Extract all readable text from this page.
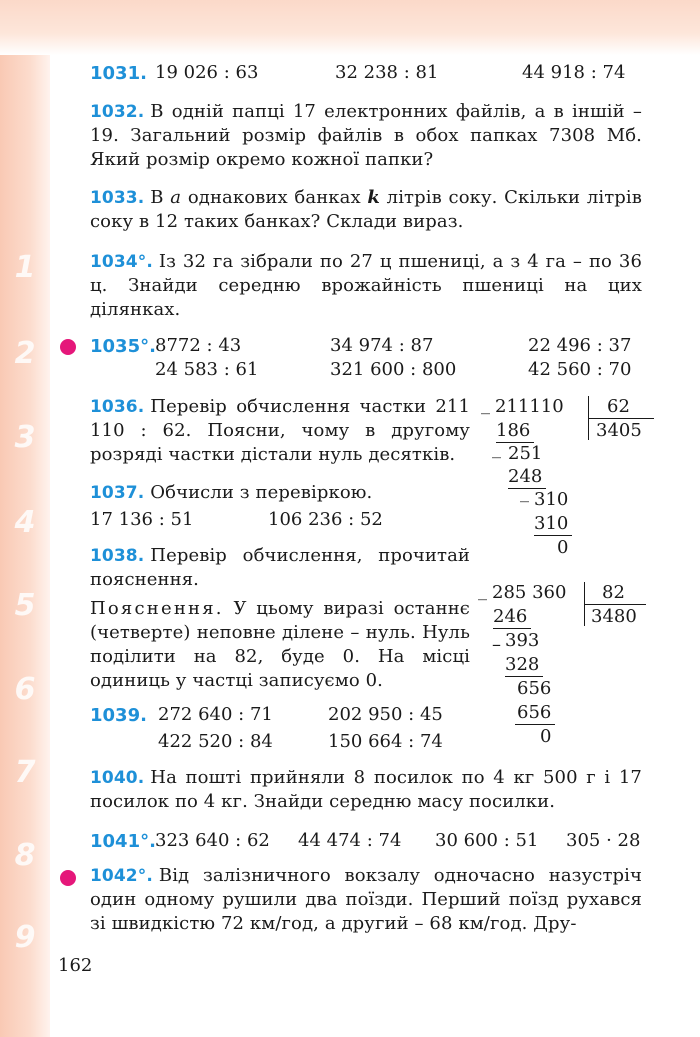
1
2
3
4
5
6
7
8
9
1031. 19 026 : 63	32 238 : 81	44 918 : 74
1032. В одній папці 17 електронних файлів, а в іншій – 19. Загальний розмір файлів в обох папках 7308 Мб. Який розмір окремо кожної папки?
1033. В a однакових банках k літрів соку. Скільки літрів соку в 12 таких банках? Склади вираз.
1034°. Із 32 га зібрали по 27 ц пшениці, а з 4 га – по 36 ц. Знайди середню врожайність пшениці на цих ділянках.
1035°. 8772 : 43	34 974 : 87	22 496 : 37
24 583 : 61	321 600 : 800	42 560 : 70
1036. Перевір обчислення частки 211 110 : 62. Поясни, чому в другому розряді частки дістали нуль десятків.
_ 211110 62
3405
186
_ 251
248
_ 310
310
0
1037. Обчисли з перевіркою.
17 136 : 51	106 236 : 52
1038. Перевір обчислення, прочитай пояснення.
Пояснення. У цьому виразі останнє (четверте) неповне ділене – нуль. Нуль поділити на 82, буде 0. На місці одиниць у частці записуємо 0.
_ 285 360 82
3480
246
– 393
328
656
656
0
1039. 272 640 : 71	202 950 : 45
422 520 : 84	150 664 : 74
1040. На пошті прийняли 8 посилок по 4 кг 500 г і 17 посилок по 4 кг. Знайди середню масу посилки.
1041°. 323 640 : 62 44 474 : 74 30 600 : 51 305 · 28
1042°. Від залізничного вокзалу одночасно назустріч один одному рушили два поїзди. Перший поїзд рухався зі швидкістю 72 км/год, а другий – 68 км/год. Дру-
162
